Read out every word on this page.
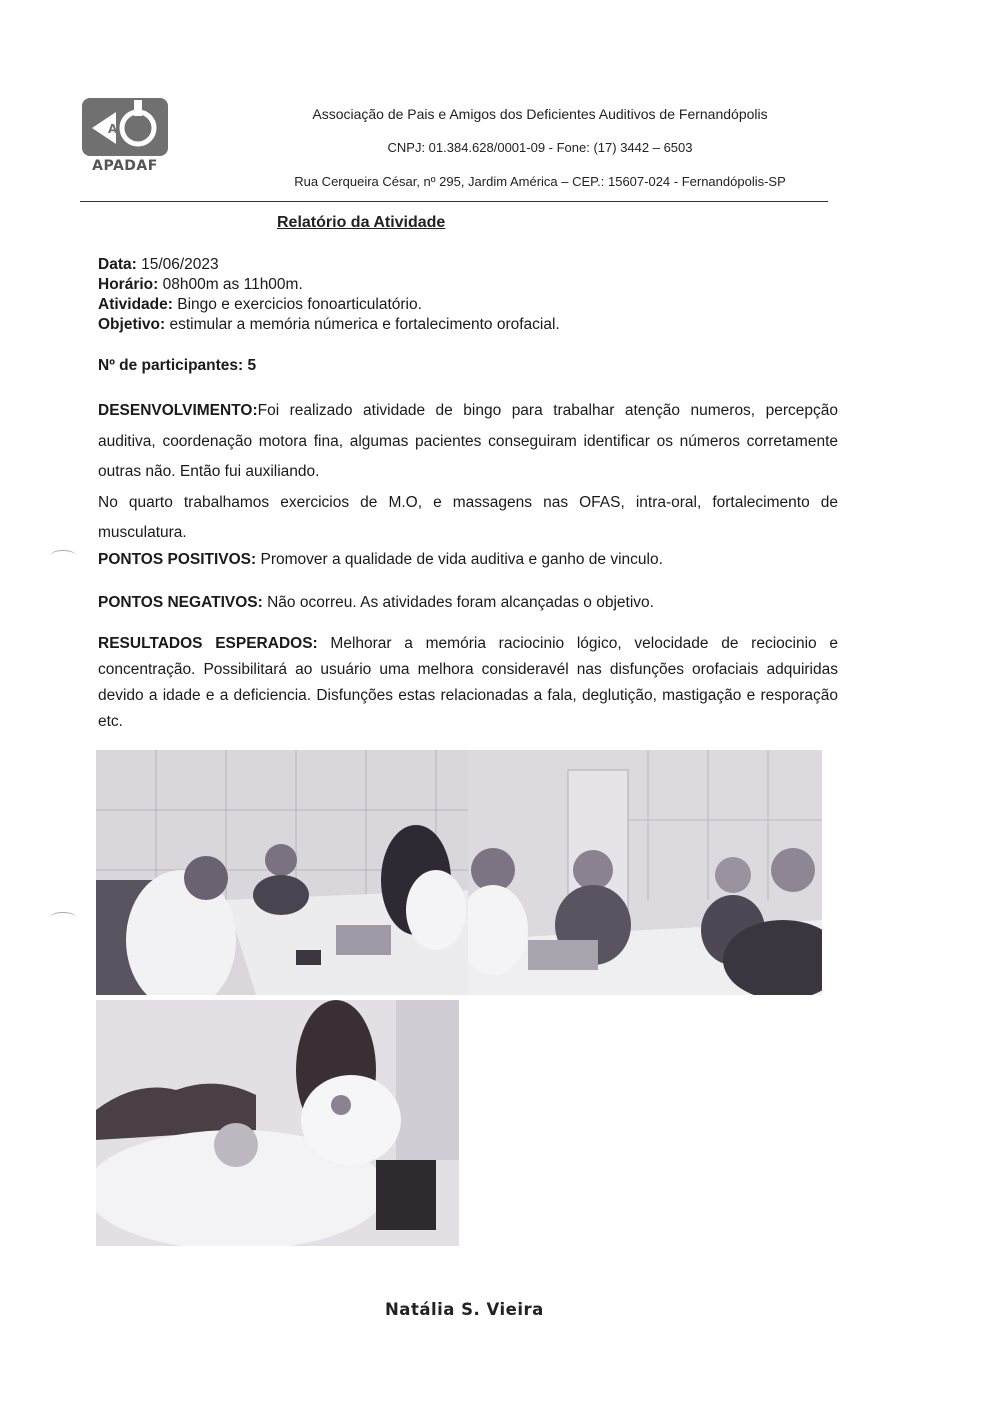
A
APADAF
Associação de Pais e Amigos dos Deficientes Auditivos de Fernandópolis
CNPJ: 01.384.628/0001-09 - Fone: (17) 3442 – 6503
Rua Cerqueira César, nº 295, Jardim América – CEP.: 15607-024 - Fernandópolis-SP
Relatório da Atividade
Data: 15/06/2023
Horário: 08h00m as 11h00m.
Atividade: Bingo e exercicios fonoarticulatório.
Objetivo: estimular a memória númerica e fortalecimento orofacial.
Nº de participantes: 5
DESENVOLVIMENTO:Foi realizado atividade de bingo para trabalhar atenção numeros, percepção auditiva, coordenação motora fina, algumas pacientes conseguiram identificar os números corretamente outras não. Então fui auxiliando.
No quarto trabalhamos exercicios de M.O, e massagens nas OFAS, intra-oral, fortalecimento de musculatura.
PONTOS POSITIVOS: Promover a qualidade de vida auditiva e ganho de vinculo.
PONTOS NEGATIVOS: Não ocorreu. As atividades foram alcançadas o objetivo.
RESULTADOS ESPERADOS: Melhorar a memória raciocinio lógico, velocidade de reciocinio e concentração. Possibilitará ao usuário uma melhora consideravél nas disfunções orofaciais adquiridas devido a idade e a deficiencia. Disfunções estas relacionadas a fala, deglutição, mastigação e resporação etc.
Natália S. Vieira
